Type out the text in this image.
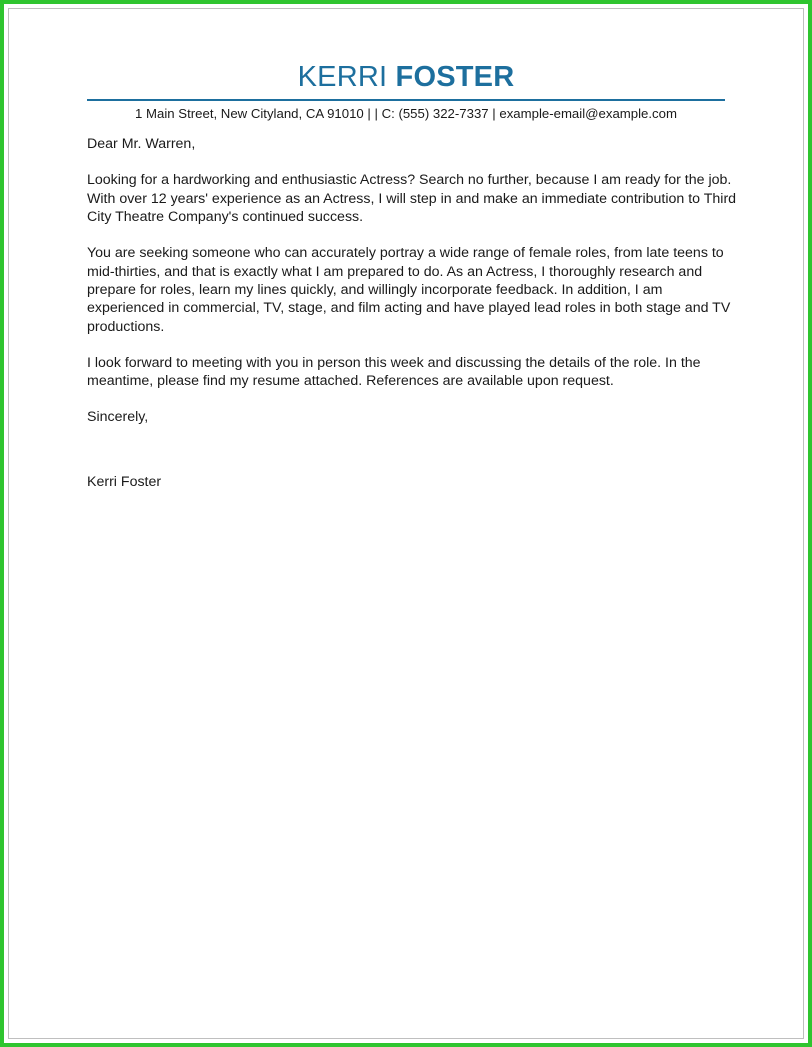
KERRI FOSTER
1 Main Street, New Cityland, CA 91010 | | C: (555) 322-7337 | example-email@example.com

Dear Mr. Warren,

Looking for a hardworking and enthusiastic Actress? Search no further, because I am ready for the job. With over 12 years' experience as an Actress, I will step in and make an immediate contribution to Third City Theatre Company's continued success.

You are seeking someone who can accurately portray a wide range of female roles, from late teens to mid-thirties, and that is exactly what I am prepared to do. As an Actress, I thoroughly research and prepare for roles, learn my lines quickly, and willingly incorporate feedback. In addition, I am experienced in commercial, TV, stage, and film acting and have played lead roles in both stage and TV productions.

I look forward to meeting with you in person this week and discussing the details of the role. In the meantime, please find my resume attached. References are available upon request.

Sincerely,

Kerri Foster
